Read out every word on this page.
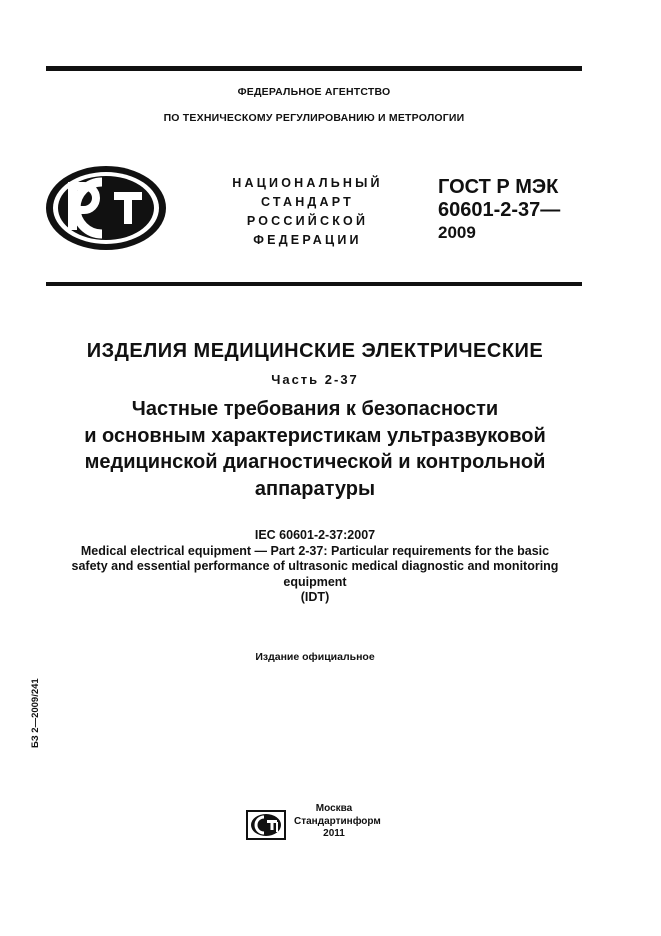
ФЕДЕРАЛЬНОЕ АГЕНТСТВО
ПО ТЕХНИЧЕСКОМУ РЕГУЛИРОВАНИЮ И МЕТРОЛОГИИ
НАЦИОНАЛЬНЫЙ
СТАНДАРТ
РОССИЙСКОЙ
ФЕДЕРАЦИИ
ГОСТ Р МЭК
60601-2-37—
2009
ИЗДЕЛИЯ МЕДИЦИНСКИЕ ЭЛЕКТРИЧЕСКИЕ
Часть 2-37
Частные требования к безопасности
и основным характеристикам ультразвуковой
медицинской диагностической и контрольной
аппаратуры
IEC 60601-2-37:2007
Medical electrical equipment — Part 2-37: Particular requirements for the basic
safety and essential performance of ultrasonic medical diagnostic and monitoring
equipment
(IDT)
Издание официальное
БЗ 2—2009/241
Москва
Стандартинформ
2011
